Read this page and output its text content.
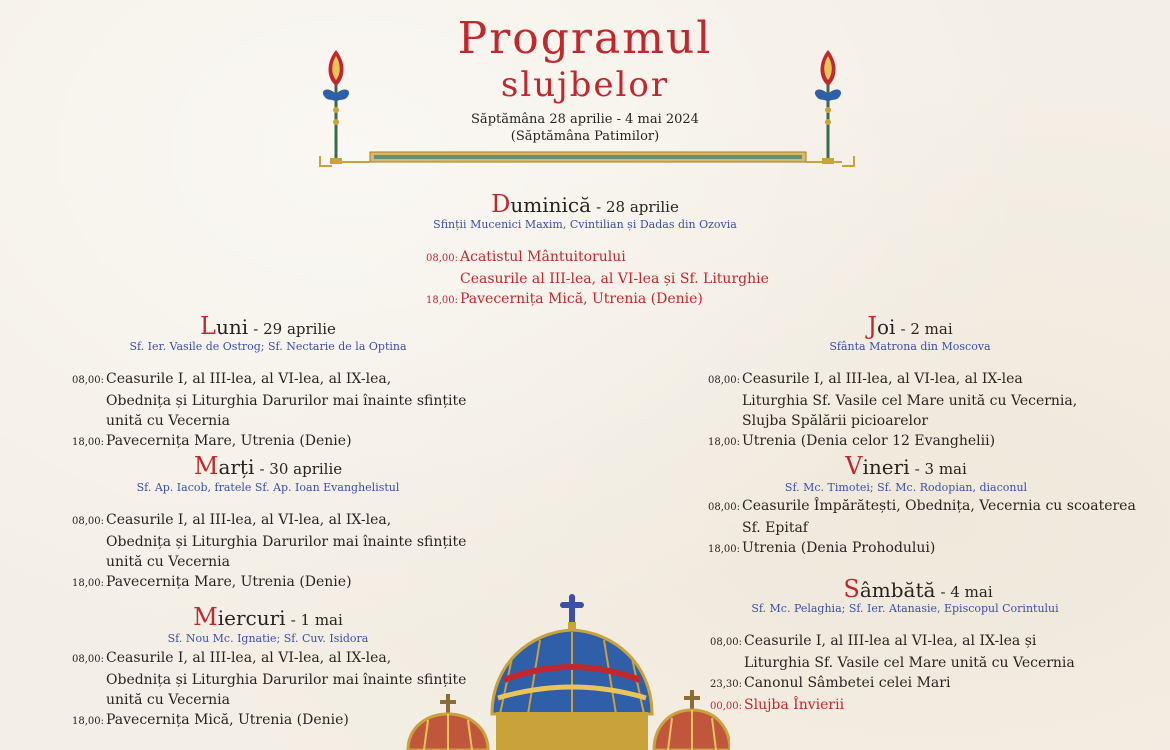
Programul
slujbelor
Săptămâna 28 aprilie - 4 mai 2024
(Săptămâna Patimilor)
Duminică - 28 aprilie
Sfinții Mucenici Maxim, Cvintilian și Dadas din Ozovia
08,00: Acatistul Mântuitorului
Ceasurile al III-lea, al VI-lea și Sf. Liturghie
18,00: Pavecernița Mică, Utrenia (Denie)
Luni - 29 aprilie
Sf. Ier. Vasile de Ostrog; Sf. Nectarie de la Optina
08,00: Ceasurile I, al III-lea, al VI-lea, al IX-lea,
Obednița și Liturghia Darurilor mai înainte sfințite
unită cu Vecernia
18,00: Pavecernița Mare, Utrenia (Denie)
Marți - 30 aprilie
Sf. Ap. Iacob, fratele Sf. Ap. Ioan Evanghelistul
08,00: Ceasurile I, al III-lea, al VI-lea, al IX-lea,
Obednița și Liturghia Darurilor mai înainte sfințite
unită cu Vecernia
18,00: Pavecernița Mare, Utrenia (Denie)
Miercuri - 1 mai
Sf. Nou Mc. Ignatie; Sf. Cuv. Isidora
08,00: Ceasurile I, al III-lea, al VI-lea, al IX-lea,
Obednița și Liturghia Darurilor mai înainte sfințite
unită cu Vecernia
18,00: Pavecernița Mică, Utrenia (Denie)
Joi - 2 mai
Sfânta Matrona din Moscova
08,00: Ceasurile I, al III-lea, al VI-lea, al IX-lea
Liturghia Sf. Vasile cel Mare unită cu Vecernia,
Slujba Spălării picioarelor
18,00: Utrenia (Denia celor 12 Evanghelii)
Vineri - 3 mai
Sf. Mc. Timotei; Sf. Mc. Rodopian, diaconul
08,00: Ceasurile Împărătești, Obednița, Vecernia cu scoaterea
Sf. Epitaf
18,00: Utrenia (Denia Prohodului)
Sâmbătă - 4 mai
Sf. Mc. Pelaghia; Sf. Ier. Atanasie, Episcopul Corintului
08,00: Ceasurile I, al III-lea al VI-lea, al IX-lea și
Liturghia Sf. Vasile cel Mare unită cu Vecernia
23,30: Canonul Sâmbetei celei Mari
00,00: Slujba Învierii
